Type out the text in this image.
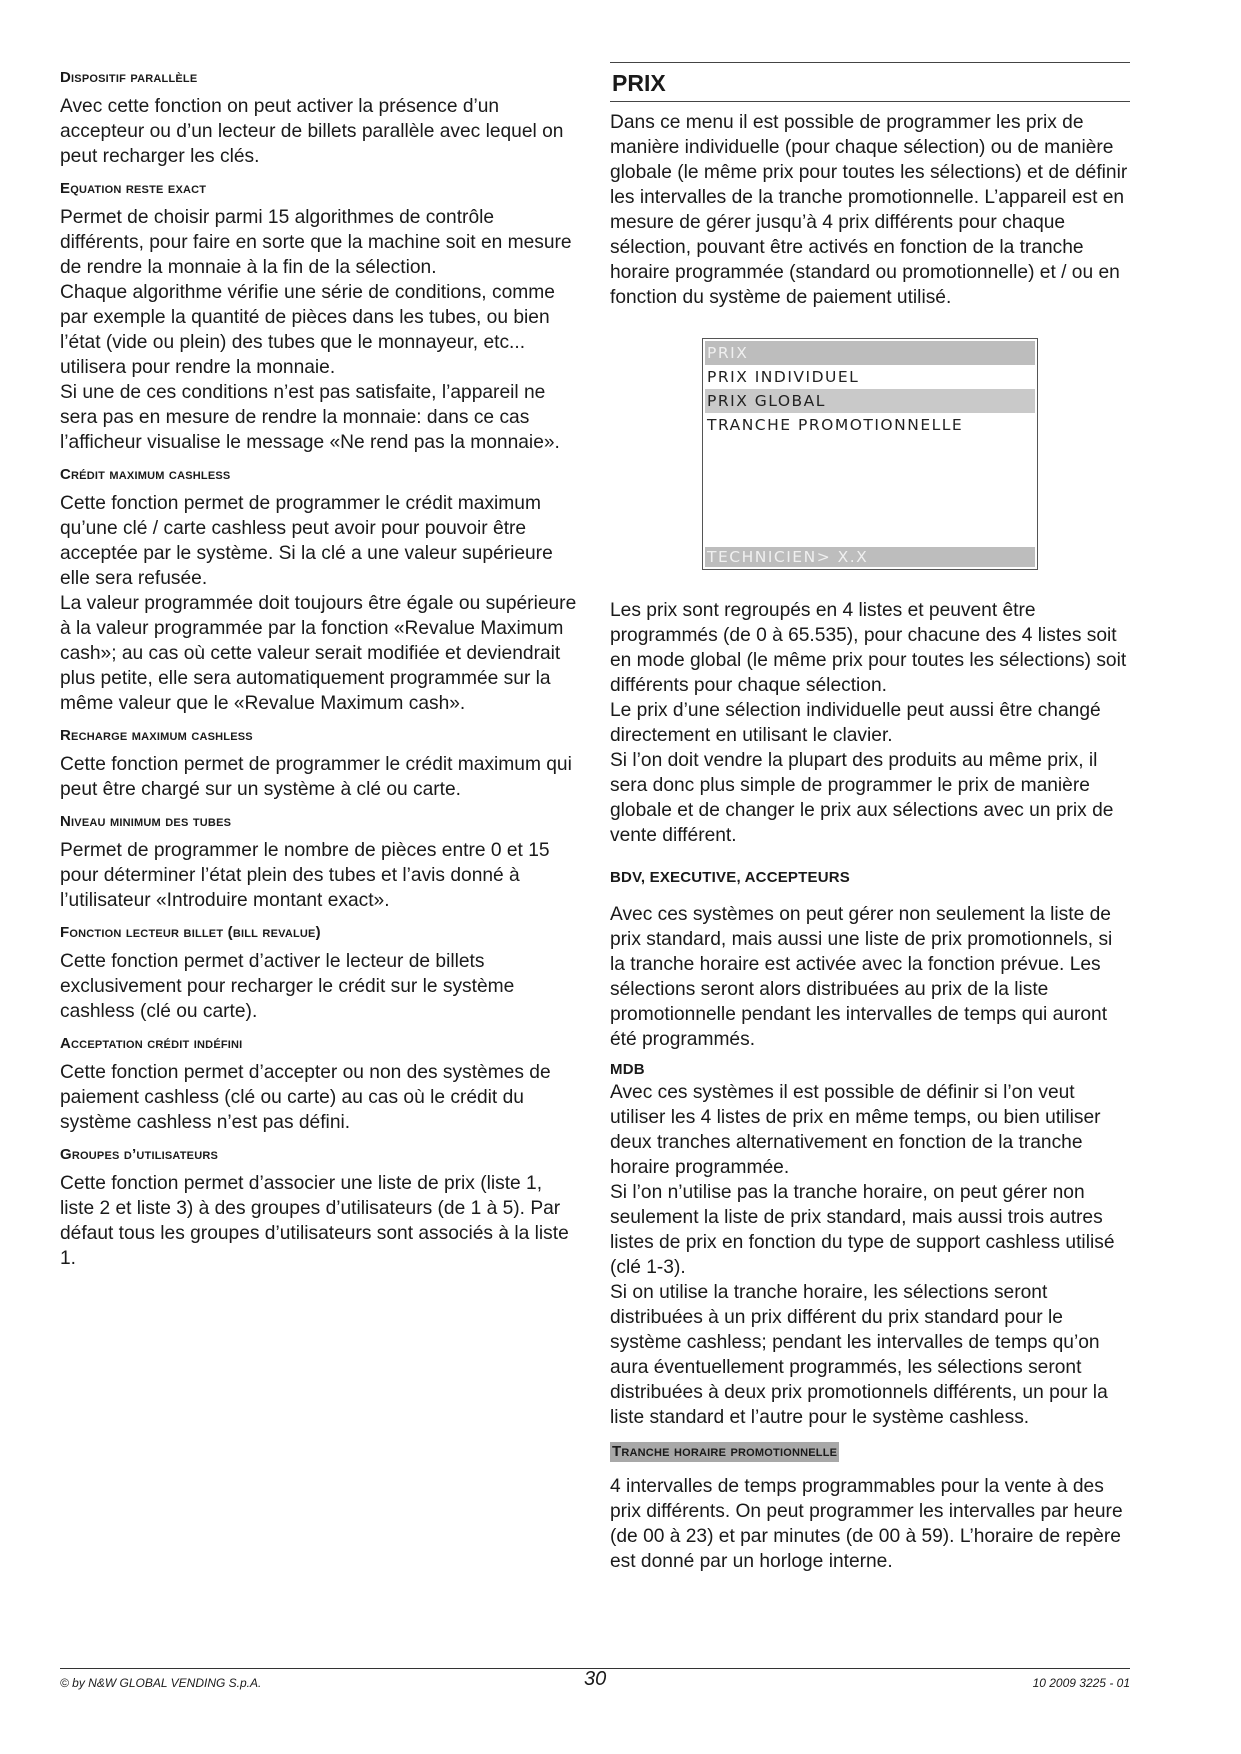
Dispositif parallèle

Avec cette fonction on peut activer la présence d’un accepteur ou d’un lecteur de billets parallèle avec lequel on peut recharger les clés.

Equation reste exact

Permet de choisir parmi 15 algorithmes de contrôle différents, pour faire en sorte que la machine soit en mesure de rendre la monnaie à la fin de la sélection.

Chaque algorithme vérifie une série de conditions, comme par exemple la quantité de pièces dans les tubes, ou bien l’état (vide ou plein) des tubes que le monnayeur, etc... utilisera pour rendre la monnaie.

Si une de ces conditions n’est pas satisfaite, l’appareil ne sera pas en mesure de rendre la monnaie: dans ce cas l’afficheur visualise le message «Ne rend pas la monnaie».

Crédit maximum cashless

Cette fonction permet de programmer le crédit maximum qu’une clé / carte cashless peut avoir pour pouvoir être acceptée par le système. Si la clé a une valeur supérieure elle sera refusée.

La valeur programmée doit toujours être égale ou supérieure à la valeur programmée par la fonction «Revalue Maximum cash»; au cas où cette valeur serait modifiée et deviendrait plus petite, elle sera automatiquement programmée sur la même valeur que le «Revalue Maximum cash».

Recharge maximum cashless

Cette fonction permet de programmer le crédit maximum qui peut être chargé sur un système à clé ou carte.

Niveau minimum des tubes

Permet de programmer le nombre de pièces entre 0 et 15 pour déterminer l’état plein des tubes et l’avis donné à l’utilisateur «Introduire montant exact».

Fonction lecteur billet (bill revalue)

Cette fonction permet d’activer le lecteur de billets exclusivement pour recharger le crédit sur le système cashless (clé ou carte).

Acceptation crédit indéfini

Cette fonction permet d’accepter ou non des systèmes de paiement cashless (clé ou carte) au cas où le crédit du système cashless n’est pas défini.

Groupes d’utilisateurs

Cette fonction permet d’associer une liste de prix (liste 1, liste 2 et liste 3) à des groupes d’utilisateurs (de 1 à 5). Par défaut tous les groupes d’utilisateurs sont associés à la liste 1.

PRIX

Dans ce menu il est possible de programmer les prix de manière individuelle (pour chaque sélection) ou de manière globale (le même prix pour toutes les sélections) et de définir les intervalles de la tranche promotionnelle. L’appareil est en mesure de gérer jusqu’à 4 prix différents pour chaque sélection, pouvant être activés en fonction de la tranche horaire programmée (standard ou promotionnelle) et / ou en fonction du système de paiement utilisé.

PRIX
PRIX INDIVIDUEL
PRIX GLOBAL
TRANCHE PROMOTIONNELLE
TECHNICIEN> X.X

Les prix sont regroupés en 4 listes et peuvent être programmés (de 0 à 65.535), pour chacune des 4 listes soit en mode global (le même prix pour toutes les sélections) soit différents pour chaque sélection.

Le prix d’une sélection individuelle peut aussi être changé directement en utilisant le clavier.

Si l’on doit vendre la plupart des produits au même prix, il sera donc plus simple de programmer le prix de manière globale et de changer le prix aux sélections avec un prix de vente différent.

BDV, EXECUTIVE, ACCEPTEURS

Avec ces systèmes on peut gérer non seulement la liste de prix standard, mais aussi une liste de prix promotionnels, si la tranche horaire est activée avec la fonction prévue. Les sélections seront alors distribuées au prix de la liste promotionnelle pendant les intervalles de temps qui auront été programmés.

MDB

Avec ces systèmes il est possible de définir si l’on veut utiliser les 4 listes de prix en même temps, ou bien utiliser deux tranches alternativement en fonction de la tranche horaire programmée.

Si l’on n’utilise pas la tranche horaire, on peut gérer non seulement la liste de prix standard, mais aussi trois autres listes de prix en fonction du type de support cashless utilisé (clé 1-3).

Si on utilise la tranche horaire, les sélections seront distribuées à un prix différent du prix standard pour le système cashless; pendant les intervalles de temps qu’on aura éventuellement programmés, les sélections seront distribuées à deux prix promotionnels différents, un pour la liste standard et l’autre pour le système cashless.

Tranche horaire promotionnelle

4 intervalles de temps programmables pour la vente à des prix différents. On peut programmer les intervalles par heure (de 00 à 23) et par minutes (de 00 à 59). L’horaire de repère est donné par un horloge interne.

© by N&W GLOBAL VENDING S.p.A.	30	10 2009 3225 - 01
